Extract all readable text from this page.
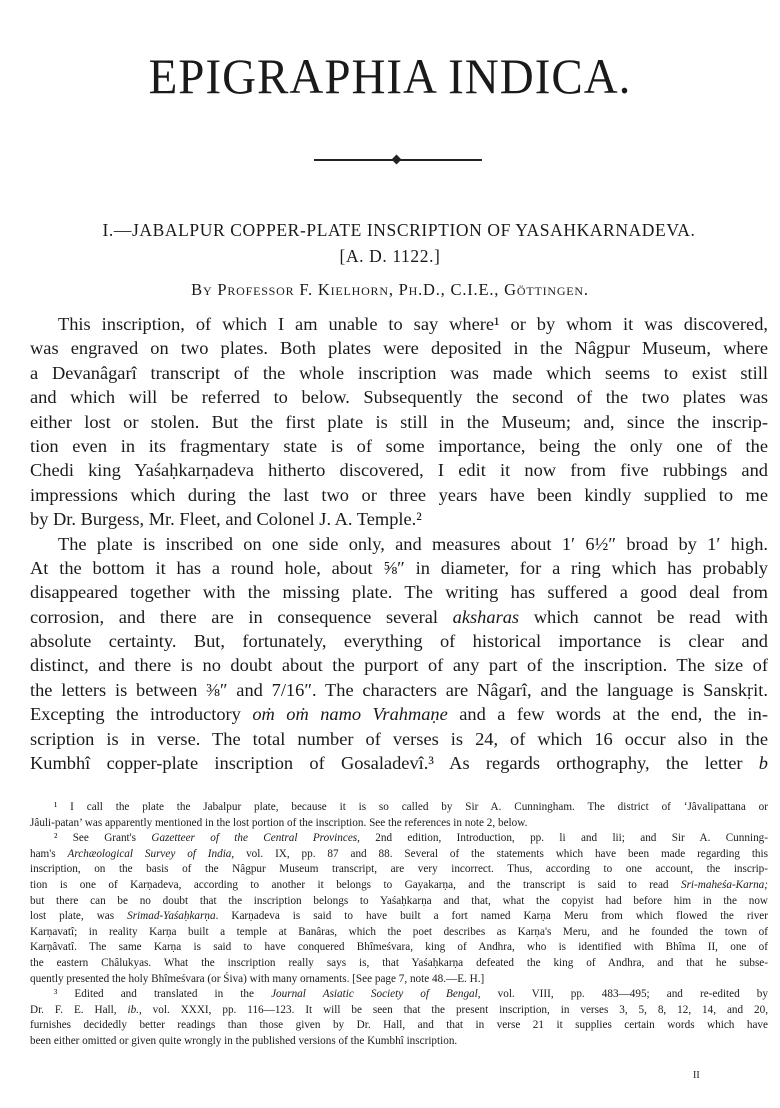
EPIGRAPHIA INDICA.
I.—JABALPUR COPPER-PLATE INSCRIPTION OF YASAHKARNADEVA.
[A. D. 1122.]
By Professor F. Kielhorn, Ph.D., C.I.E., Göttingen.
This inscription, of which I am unable to say where¹ or by whom it was discovered,
was engraved on two plates. Both plates were deposited in the Nâgpur Museum, where
a Devanâgarî transcript of the whole inscription was made which seems to exist still
and which will be referred to below. Subsequently the second of the two plates was
either lost or stolen. But the first plate is still in the Museum; and, since the inscrip-
tion even in its fragmentary state is of some importance, being the only one of the
Chedi king Yaśaḥkarṇadeva hitherto discovered, I edit it now from five rubbings and
impressions which during the last two or three years have been kindly supplied to me
by Dr. Burgess, Mr. Fleet, and Colonel J. A. Temple.²
The plate is inscribed on one side only, and measures about 1′ 6½″ broad by 1′ high.
At the bottom it has a round hole, about ⅝″ in diameter, for a ring which has probably
disappeared together with the missing plate. The writing has suffered a good deal from
corrosion, and there are in consequence several aksharas which cannot be read with
absolute certainty. But, fortunately, everything of historical importance is clear and
distinct, and there is no doubt about the purport of any part of the inscription. The size of
the letters is between ⅜″ and 7/16″. The characters are Nâgarî, and the language is Sanskṛit.
Excepting the introductory oṁ oṁ namo Vrahmaṇe and a few words at the end, the in-
scription is in verse. The total number of verses is 24, of which 16 occur also in the
Kumbhî copper-plate inscription of Gosaladevî.³ As regards orthography, the letter b
¹ I call the plate the Jabalpur plate, because it is so called by Sir A. Cunningham. The district of ‘Jâvalipattana or
Jâuli-patan’ was apparently mentioned in the lost portion of the inscription. See the references in note 2, below.
² See Grant's Gazetteer of the Central Provinces, 2nd edition, Introduction, pp. li and lii; and Sir A. Cunning-
ham's Archæological Survey of India, vol. IX, pp. 87 and 88. Several of the statements which have been made regarding this
inscription, on the basis of the Nâgpur Museum transcript, are very incorrect. Thus, according to one account, the inscrip-
tion is one of Karṇadeva, according to another it belongs to Gayakarṇa, and the transcript is said to read Sri-maheśa-Karna;
but there can be no doubt that the inscription belongs to Yaśaḥkarṇa and that, what the copyist had before him in the now
lost plate, was Srimad-Yaśaḥkarṇa. Karṇadeva is said to have built a fort named Karṇa Meru from which flowed the river
Karṇavatî; in reality Karṇa built a temple at Banâras, which the poet describes as Karṇa's Meru, and he founded the town of
Karṇâvatî. The same Karṇa is said to have conquered Bhîmeśvara, king of Andhra, who is identified with Bhîma II, one of
the eastern Châlukyas. What the inscription really says is, that Yaśaḥkarṇa defeated the king of Andhra, and that he subse-
quently presented the holy Bhîmeśvara (or Śiva) with many ornaments. [See page 7, note 48.—E. H.]
³ Edited and translated in the Journal Asiatic Society of Bengal, vol. VIII, pp. 483—495; and re-edited by
Dr. F. E. Hall, ib., vol. XXXI, pp. 116—123. It will be seen that the present inscription, in verses 3, 5, 8, 12, 14, and 20,
furnishes decidedly better readings than those given by Dr. Hall, and that in verse 21 it supplies certain words which have
been either omitted or given quite wrongly in the published versions of the Kumbhî inscription.
II
